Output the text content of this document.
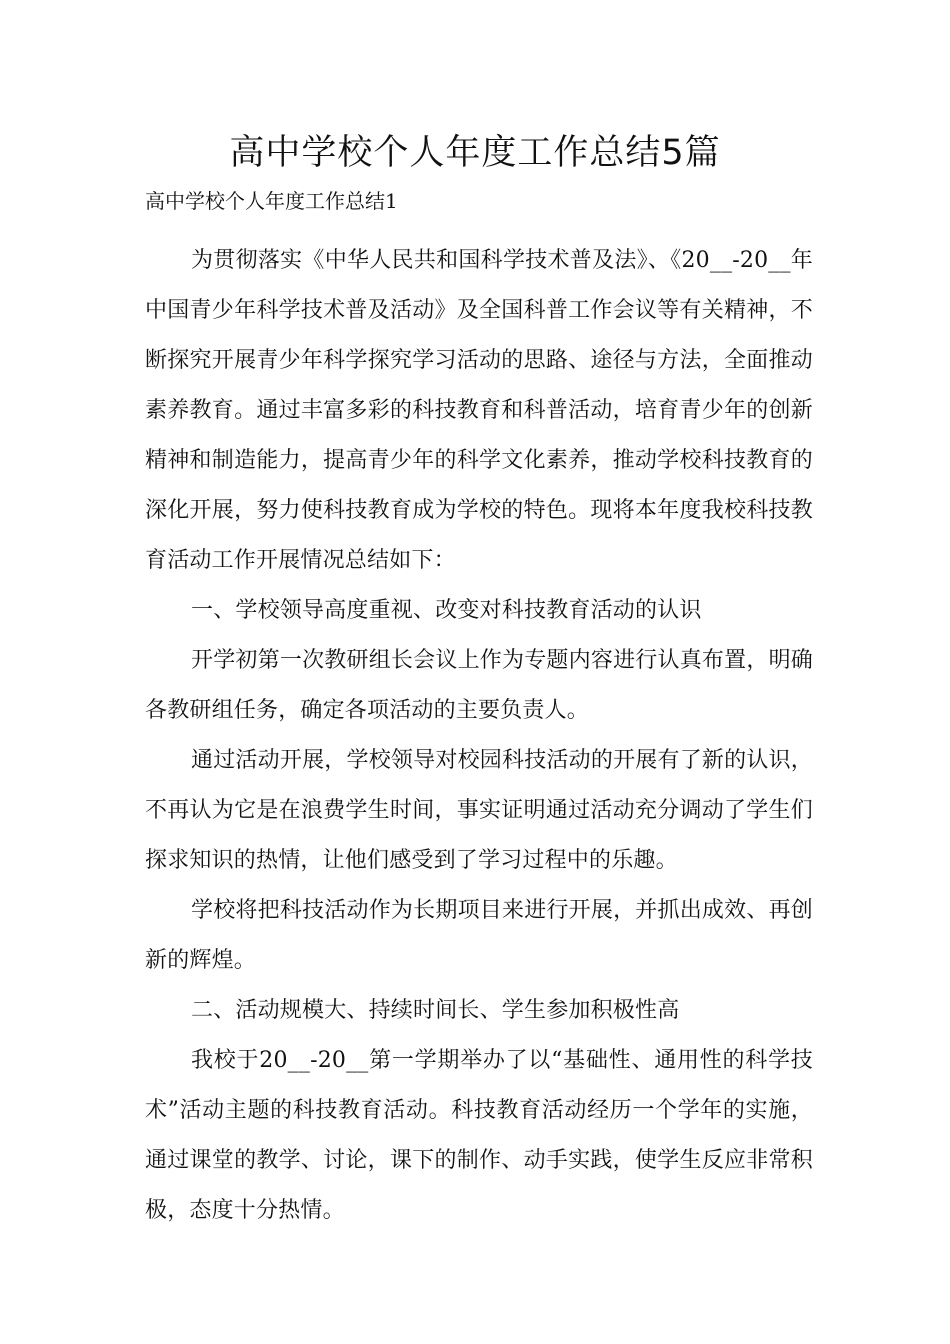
高中学校个人年度工作总结5篇
高中学校个人年度工作总结1

为贯彻落实《中华人民共和国科学技术普及法》、《20__-20__年中国青少年科学技术普及活动》及全国科普工作会议等有关精神，不断探究开展青少年科学探究学习活动的思路、途径与方法，全面推动素养教育。通过丰富多彩的科技教育和科普活动，培育青少年的创新精神和制造能力，提高青少年的科学文化素养，推动学校科技教育的深化开展，努力使科技教育成为学校的特色。现将本年度我校科技教育活动工作开展情况总结如下：

一、学校领导高度重视、改变对科技教育活动的认识

开学初第一次教研组长会议上作为专题内容进行认真布置，明确各教研组任务，确定各项活动的主要负责人。

通过活动开展，学校领导对校园科技活动的开展有了新的认识，不再认为它是在浪费学生时间，事实证明通过活动充分调动了学生们探求知识的热情，让他们感受到了学习过程中的乐趣。

学校将把科技活动作为长期项目来进行开展，并抓出成效、再创新的辉煌。

二、活动规模大、持续时间长、学生参加积极性高

我校于20__-20__第一学期举办了以“基础性、通用性的科学技术”活动主题的科技教育活动。科技教育活动经历一个学年的实施，通过课堂的教学、讨论，课下的制作、动手实践，使学生反应非常积极，态度十分热情。
